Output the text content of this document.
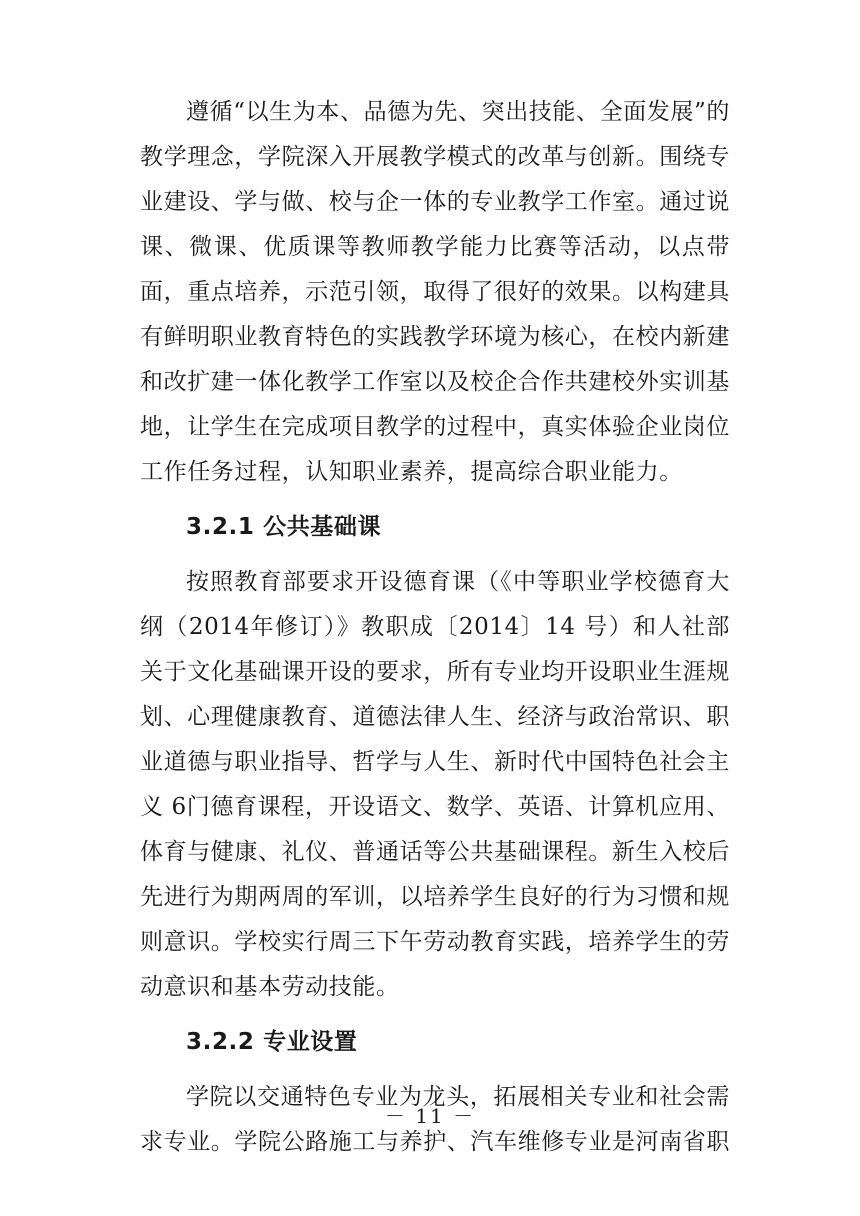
遵循“以生为本、品德为先、突出技能、全面发展”的教学理念，学院深入开展教学模式的改革与创新。围绕专业建设、学与做、校与企一体的专业教学工作室。通过说课、微课、优质课等教师教学能力比赛等活动，以点带面，重点培养，示范引领，取得了很好的效果。以构建具有鲜明职业教育特色的实践教学环境为核心，在校内新建和改扩建一体化教学工作室以及校企合作共建校外实训基地，让学生在完成项目教学的过程中，真实体验企业岗位工作任务过程，认知职业素养，提高综合职业能力。

3.2.1 公共基础课

按照教育部要求开设德育课（《中等职业学校德育大纲（2014年修订）》教职成〔2014〕14 号）和人社部关于文化基础课开设的要求，所有专业均开设职业生涯规划、心理健康教育、道德法律人生、经济与政治常识、职业道德与职业指导、哲学与人生、新时代中国特色社会主义 6门德育课程，开设语文、数学、英语、计算机应用、体育与健康、礼仪、普通话等公共基础课程。新生入校后先进行为期两周的军训，以培养学生良好的行为习惯和规则意识。学校实行周三下午劳动教育实践，培养学生的劳动意识和基本劳动技能。

3.2.2 专业设置

学院以交通特色专业为龙头，拓展相关专业和社会需求专业。学院公路施工与养护、汽车维修专业是河南省职

－ 11 －
